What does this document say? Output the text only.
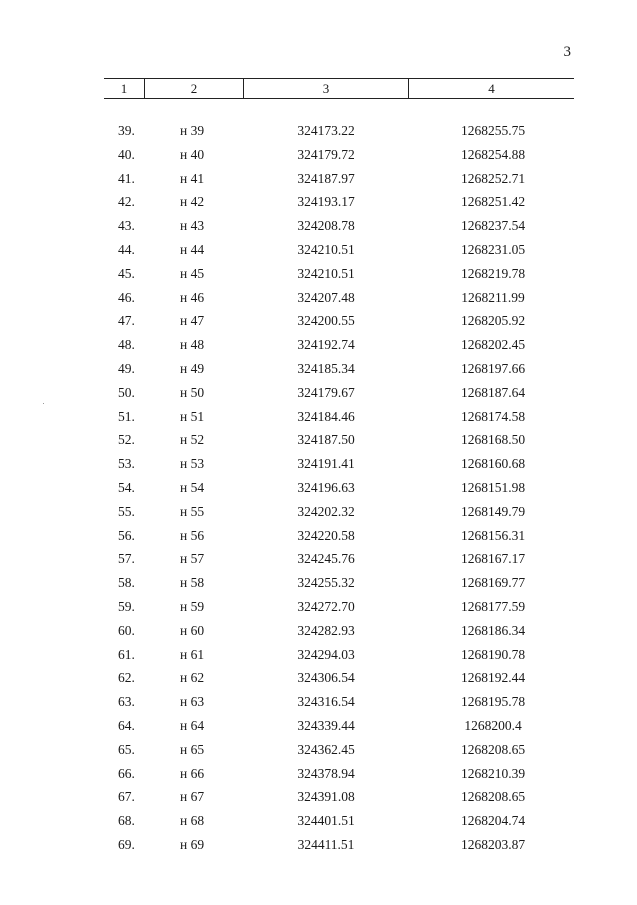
3
1	2	3	4
39.	н 39	324173.22	1268255.75
40.	н 40	324179.72	1268254.88
41.	н 41	324187.97	1268252.71
42.	н 42	324193.17	1268251.42
43.	н 43	324208.78	1268237.54
44.	н 44	324210.51	1268231.05
45.	н 45	324210.51	1268219.78
46.	н 46	324207.48	1268211.99
47.	н 47	324200.55	1268205.92
48.	н 48	324192.74	1268202.45
49.	н 49	324185.34	1268197.66
50.	н 50	324179.67	1268187.64
51.	н 51	324184.46	1268174.58
52.	н 52	324187.50	1268168.50
53.	н 53	324191.41	1268160.68
54.	н 54	324196.63	1268151.98
55.	н 55	324202.32	1268149.79
56.	н 56	324220.58	1268156.31
57.	н 57	324245.76	1268167.17
58.	н 58	324255.32	1268169.77
59.	н 59	324272.70	1268177.59
60.	н 60	324282.93	1268186.34
61.	н 61	324294.03	1268190.78
62.	н 62	324306.54	1268192.44
63.	н 63	324316.54	1268195.78
64.	н 64	324339.44	1268200.4
65.	н 65	324362.45	1268208.65
66.	н 66	324378.94	1268210.39
67.	н 67	324391.08	1268208.65
68.	н 68	324401.51	1268204.74
69.	н 69	324411.51	1268203.87
